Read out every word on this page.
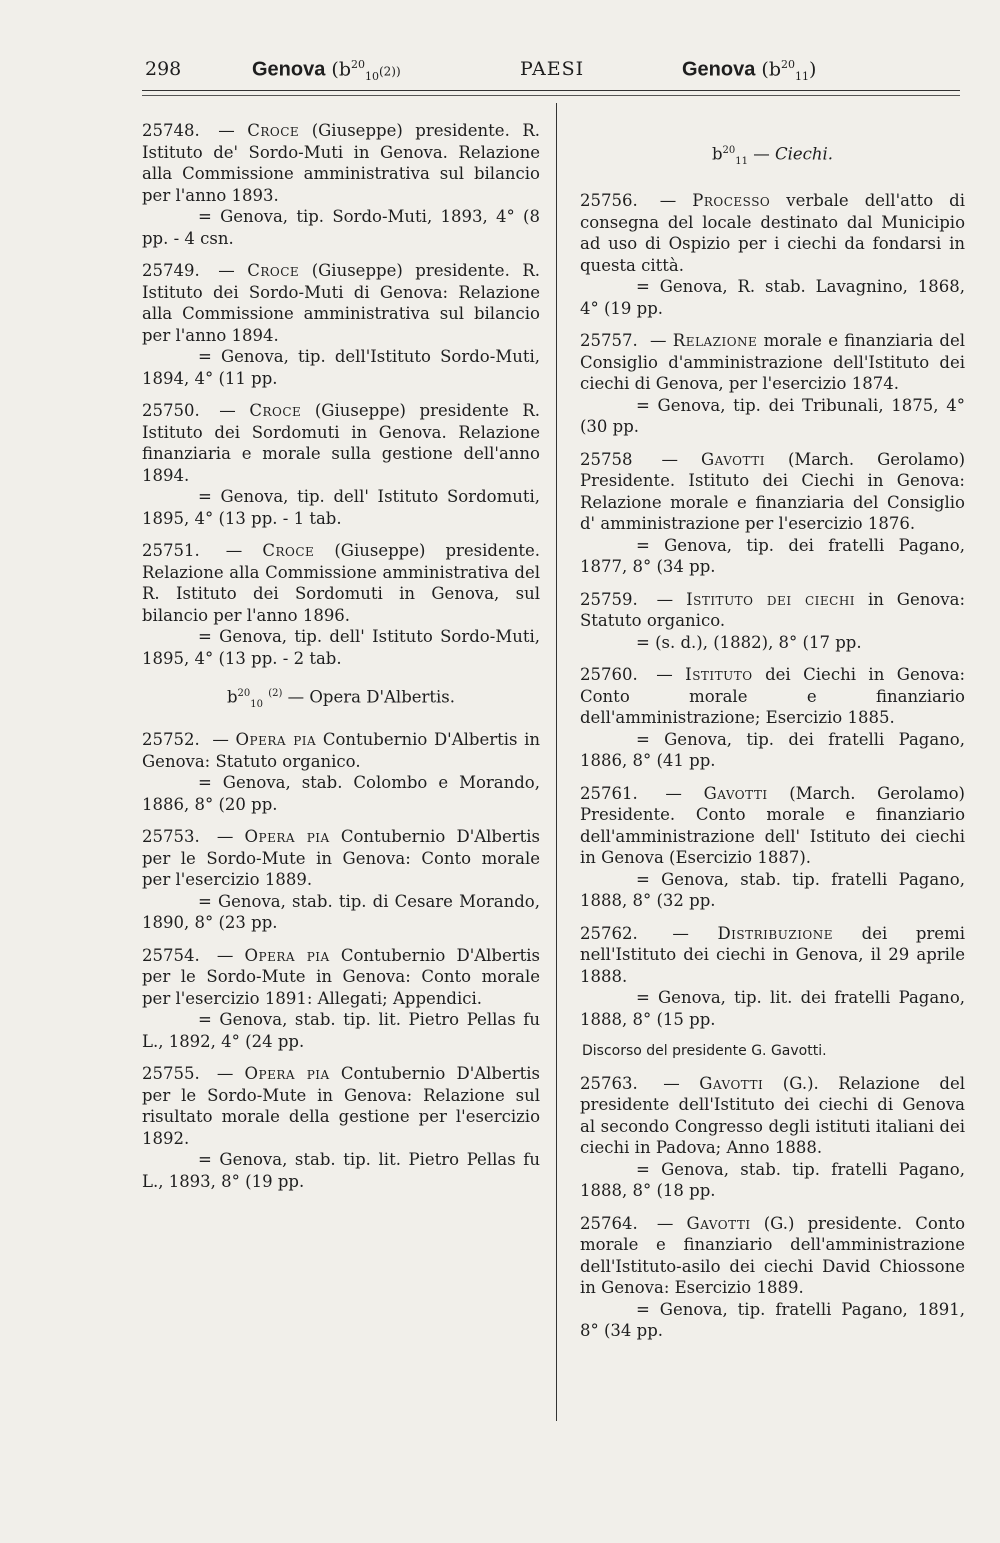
298	Genova $(b^{20}_{10}(2))$	PAESI	Genova $(b^{20}_{11})$

25748. — Croce (Giuseppe) presidente. R. Istituto de' Sordo-Muti in Genova. Relazione alla Commissione amministrativa sul bilancio per l'anno 1893.

= Genova, tip. Sordo-Muti, 1893, 4° (8 pp. - 4 csn.

25749. — Croce (Giuseppe) presidente. R. Istituto dei Sordo-Muti di Genova: Relazione alla Commissione amministrativa sul bilancio per l'anno 1894.

= Genova, tip. dell'Istituto Sordo-Muti, 1894, 4° (11 pp.

25750. — Croce (Giuseppe) presidente R. Istituto dei Sordomuti in Genova. Relazione finanziaria e morale sulla gestione dell'anno 1894.

= Genova, tip. dell' Istituto Sordomuti, 1895, 4° (13 pp. - 1 tab.

25751. — Croce (Giuseppe) presidente. Relazione alla Commissione amministrativa del R. Istituto dei Sordomuti in Genova, sul bilancio per l'anno 1896.

= Genova, tip. dell' Istituto Sordo-Muti, 1895, 4° (13 pp. - 2 tab.

$b^{20}_{10}$ $^{(2)}$ — Opera D'Albertis.

25752. — Opera pia Contubernio D'Albertis in Genova: Statuto organico.

= Genova, stab. Colombo e Morando, 1886, 8° (20 pp.

25753. — Opera pia Contubernio D'Albertis per le Sordo-Mute in Genova: Conto morale per l'esercizio 1889.

= Genova, stab. tip. di Cesare Morando, 1890, 8° (23 pp.

25754. — Opera pia Contubernio D'Albertis per le Sordo-Mute in Genova: Conto morale per l'esercizio 1891: Allegati; Appendici.

= Genova, stab. tip. lit. Pietro Pellas fu L., 1892, 4° (24 pp.

25755. — Opera pia Contubernio D'Albertis per le Sordo-Mute in Genova: Relazione sul risultato morale della gestione per l'esercizio 1892.

= Genova, stab. tip. lit. Pietro Pellas fu L., 1893, 8° (19 pp.

$b^{20}_{11}$ — Ciechi.

25756. — Processo verbale dell'atto di consegna del locale destinato dal Municipio ad uso di Ospizio per i ciechi da fondarsi in questa città.

= Genova, R. stab. Lavagnino, 1868, 4° (19 pp.

25757. — Relazione morale e finanziaria del Consiglio d'amministrazione dell'Istituto dei ciechi di Genova, per l'esercizio 1874.

= Genova, tip. dei Tribunali, 1875, 4° (30 pp.

25758 — Gavotti (March. Gerolamo) Presidente. Istituto dei Ciechi in Genova: Relazione morale e finanziaria del Consiglio d' amministrazione per l'esercizio 1876.

= Genova, tip. dei fratelli Pagano, 1877, 8° (34 pp.

25759. — Istituto dei ciechi in Genova: Statuto organico.

= (s. d.), (1882), 8° (17 pp.

25760. — Istituto dei Ciechi in Genova: Conto morale e finanziario dell'amministrazione; Esercizio 1885.

= Genova, tip. dei fratelli Pagano, 1886, 8° (41 pp.

25761. — Gavotti (March. Gerolamo) Presidente. Conto morale e finanziario dell'amministrazione dell' Istituto dei ciechi in Genova (Esercizio 1887).

= Genova, stab. tip. fratelli Pagano, 1888, 8° (32 pp.

25762. — Distribuzione dei premi nell'Istituto dei ciechi in Genova, il 29 aprile 1888.

= Genova, tip. lit. dei fratelli Pagano, 1888, 8° (15 pp.

Discorso del presidente G. Gavotti.

25763. — Gavotti (G.). Relazione del presidente dell'Istituto dei ciechi di Genova al secondo Congresso degli istituti italiani dei ciechi in Padova; Anno 1888.

= Genova, stab. tip. fratelli Pagano, 1888, 8° (18 pp.

25764. — Gavotti (G.) presidente. Conto morale e finanziario dell'amministrazione dell'Istituto-asilo dei ciechi David Chiossone in Genova: Esercizio 1889.

= Genova, tip. fratelli Pagano, 1891, 8° (34 pp.
